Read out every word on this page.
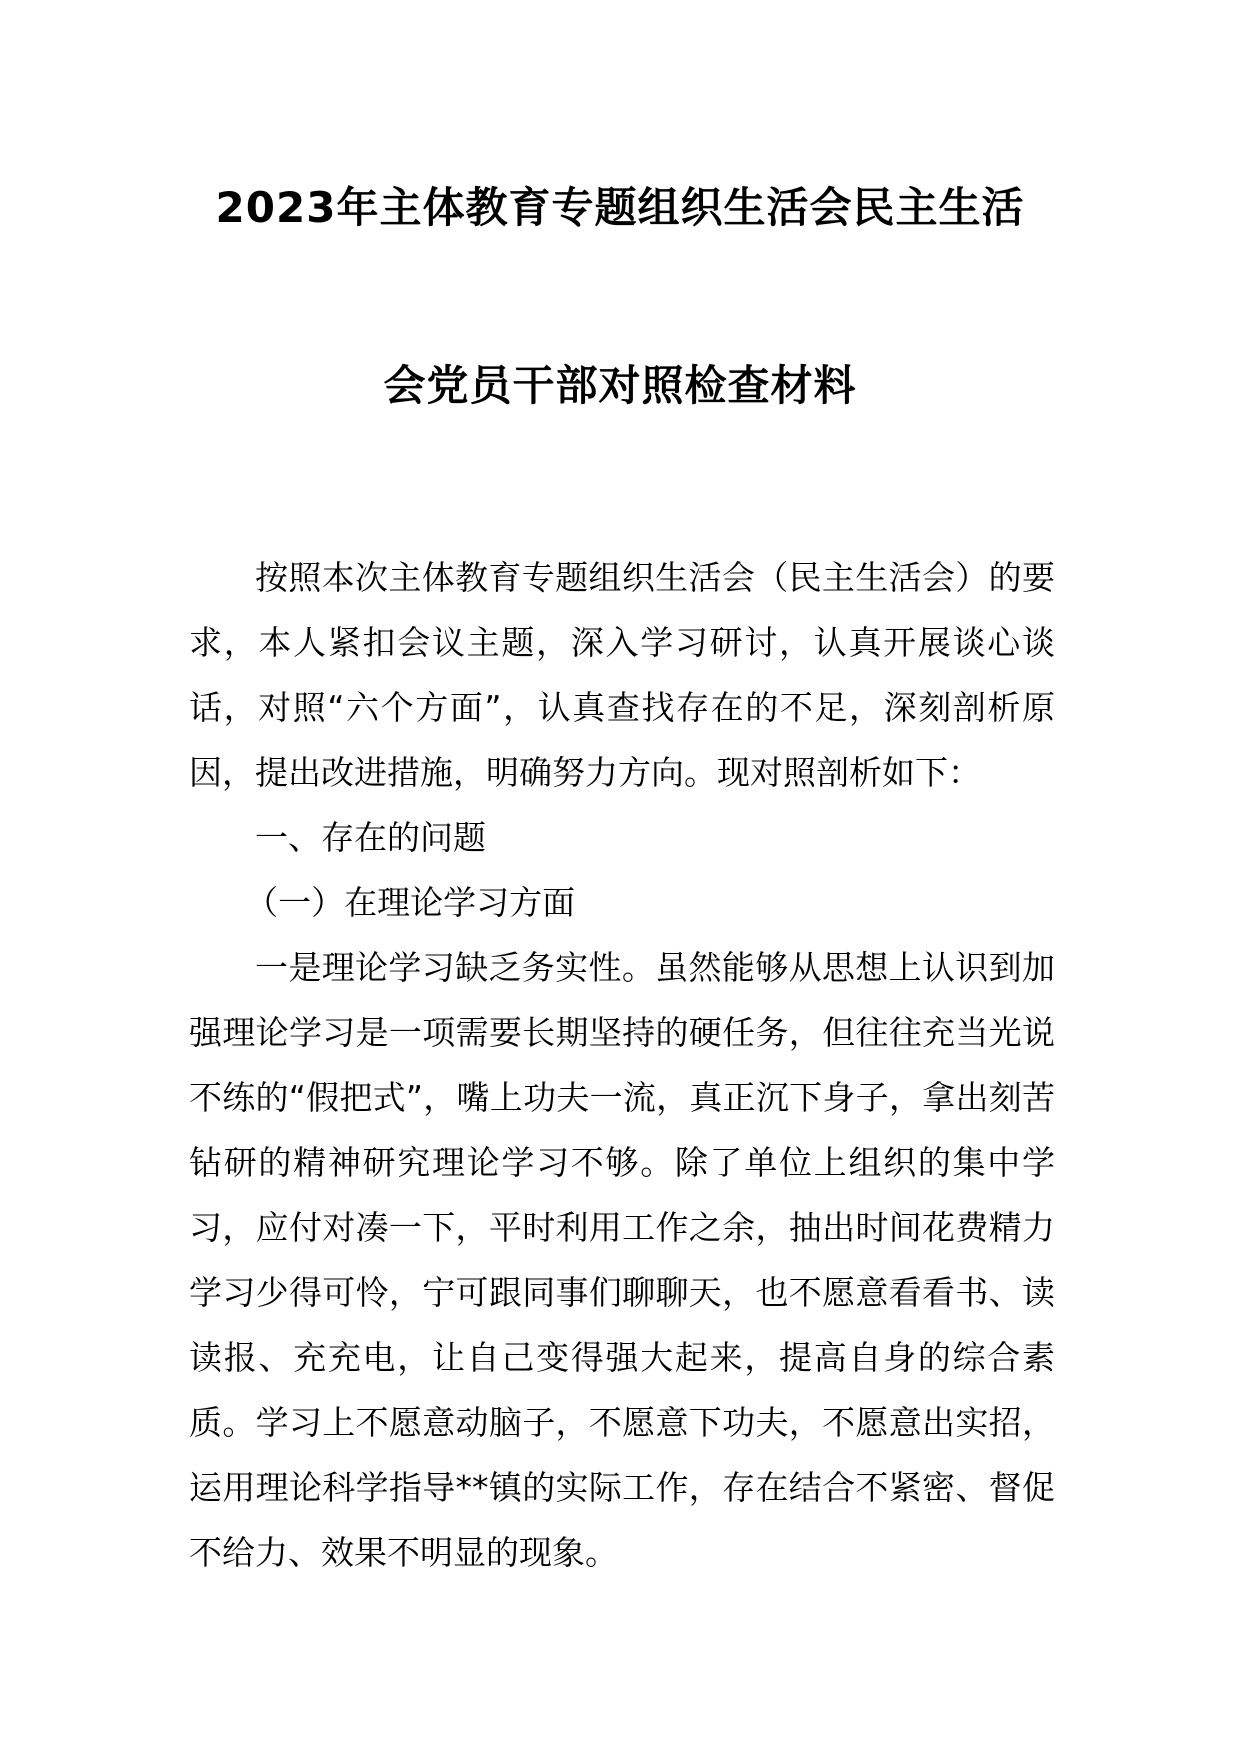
2023年主体教育专题组织生活会民主生活
会党员干部对照检查材料

按照本次主体教育专题组织生活会（民主生活会）的要求，本人紧扣会议主题，深入学习研讨，认真开展谈心谈话，对照“六个方面”，认真查找存在的不足，深刻剖析原因，提出改进措施，明确努力方向。现对照剖析如下：

一、存在的问题

（一）在理论学习方面

一是理论学习缺乏务实性。虽然能够从思想上认识到加强理论学习是一项需要长期坚持的硬任务，但往往充当光说不练的“假把式”，嘴上功夫一流，真正沉下身子，拿出刻苦钻研的精神研究理论学习不够。除了单位上组织的集中学习，应付对凑一下，平时利用工作之余，抽出时间花费精力学习少得可怜，宁可跟同事们聊聊天，也不愿意看看书、读读报、充充电，让自己变得强大起来，提高自身的综合素质。学习上不愿意动脑子，不愿意下功夫，不愿意出实招，运用理论科学指导**镇的实际工作，存在结合不紧密、督促不给力、效果不明显的现象。
